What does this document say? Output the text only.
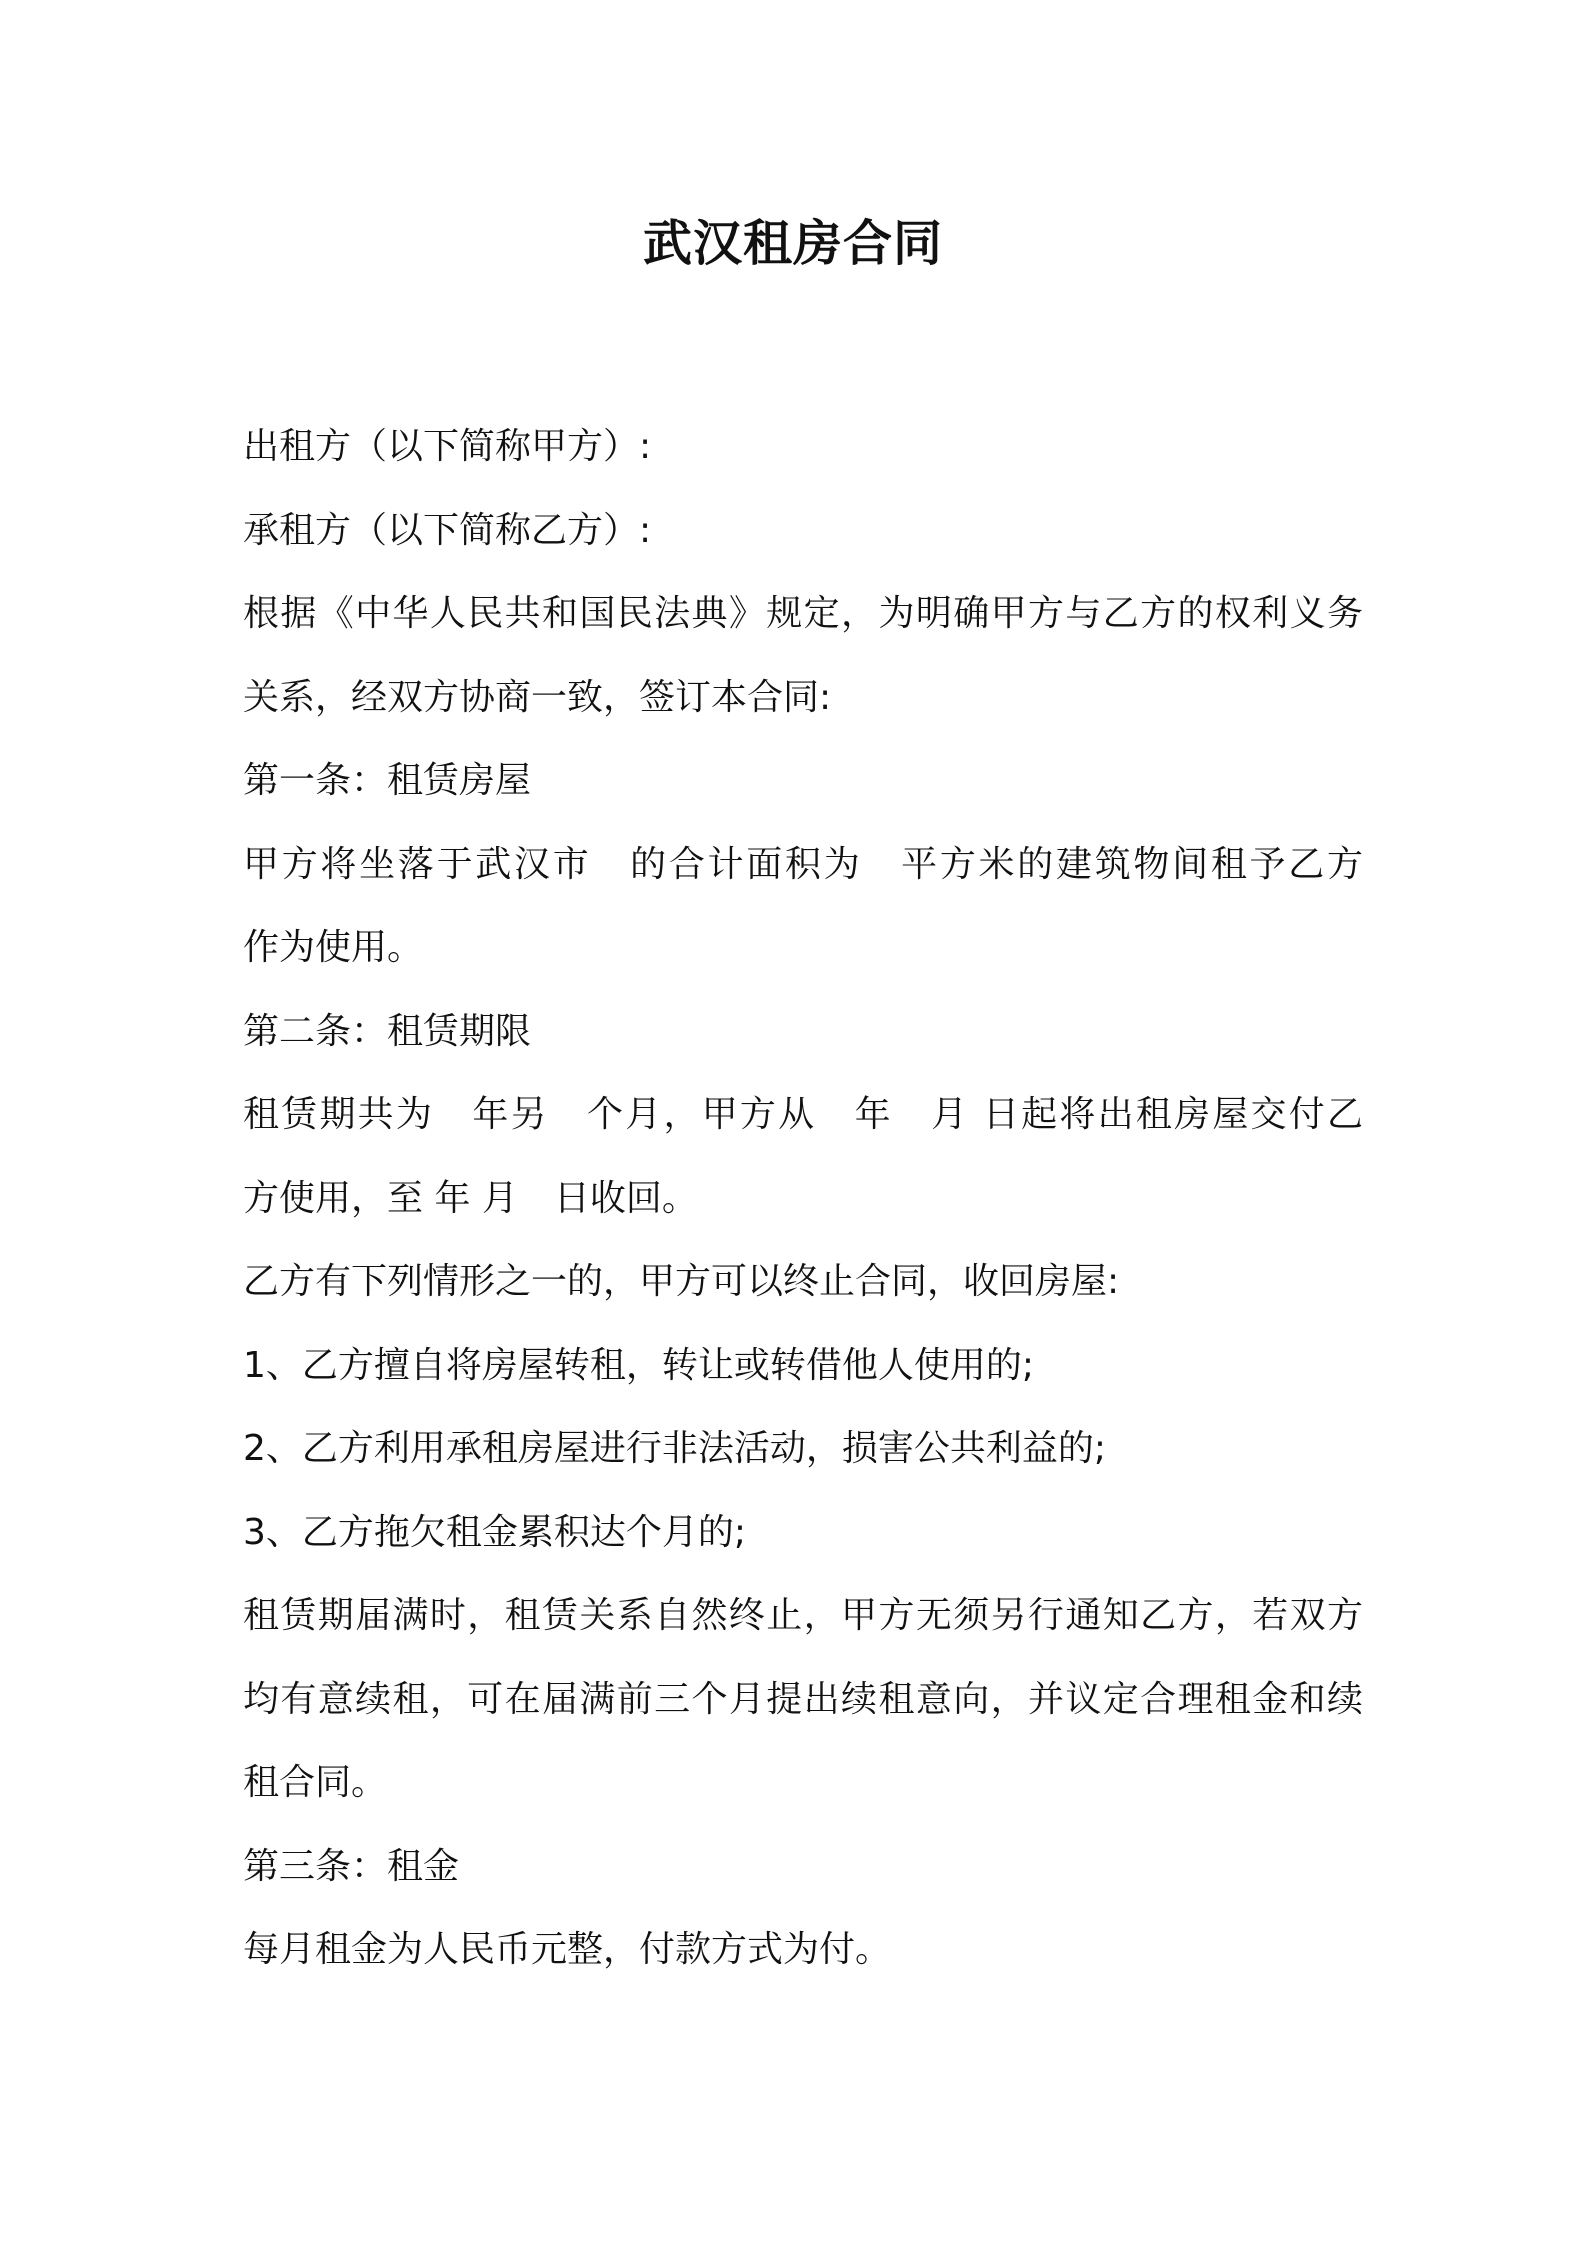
武汉租房合同
出租方（以下简称甲方）:
承租方（以下简称乙方）:
根据《中华人民共和国民法典》规定，为明确甲方与乙方的权利义务
关系，经双方协商一致，签订本合同:
第一条：租赁房屋
甲方将坐落于武汉市　的合计面积为　平方米的建筑物间租予乙方
作为使用。
第二条：租赁期限
租赁期共为　年另　个月，甲方从　年　月 日起将出租房屋交付乙
方使用，至 年 月　日收回。
乙方有下列情形之一的，甲方可以终止合同，收回房屋:
1、乙方擅自将房屋转租，转让或转借他人使用的;
2、乙方利用承租房屋进行非法活动，损害公共利益的;
3、乙方拖欠租金累积达个月的;
租赁期届满时，租赁关系自然终止，甲方无须另行通知乙方，若双方
均有意续租，可在届满前三个月提出续租意向，并议定合理租金和续
租合同。
第三条：租金
每月租金为人民币元整，付款方式为付。
